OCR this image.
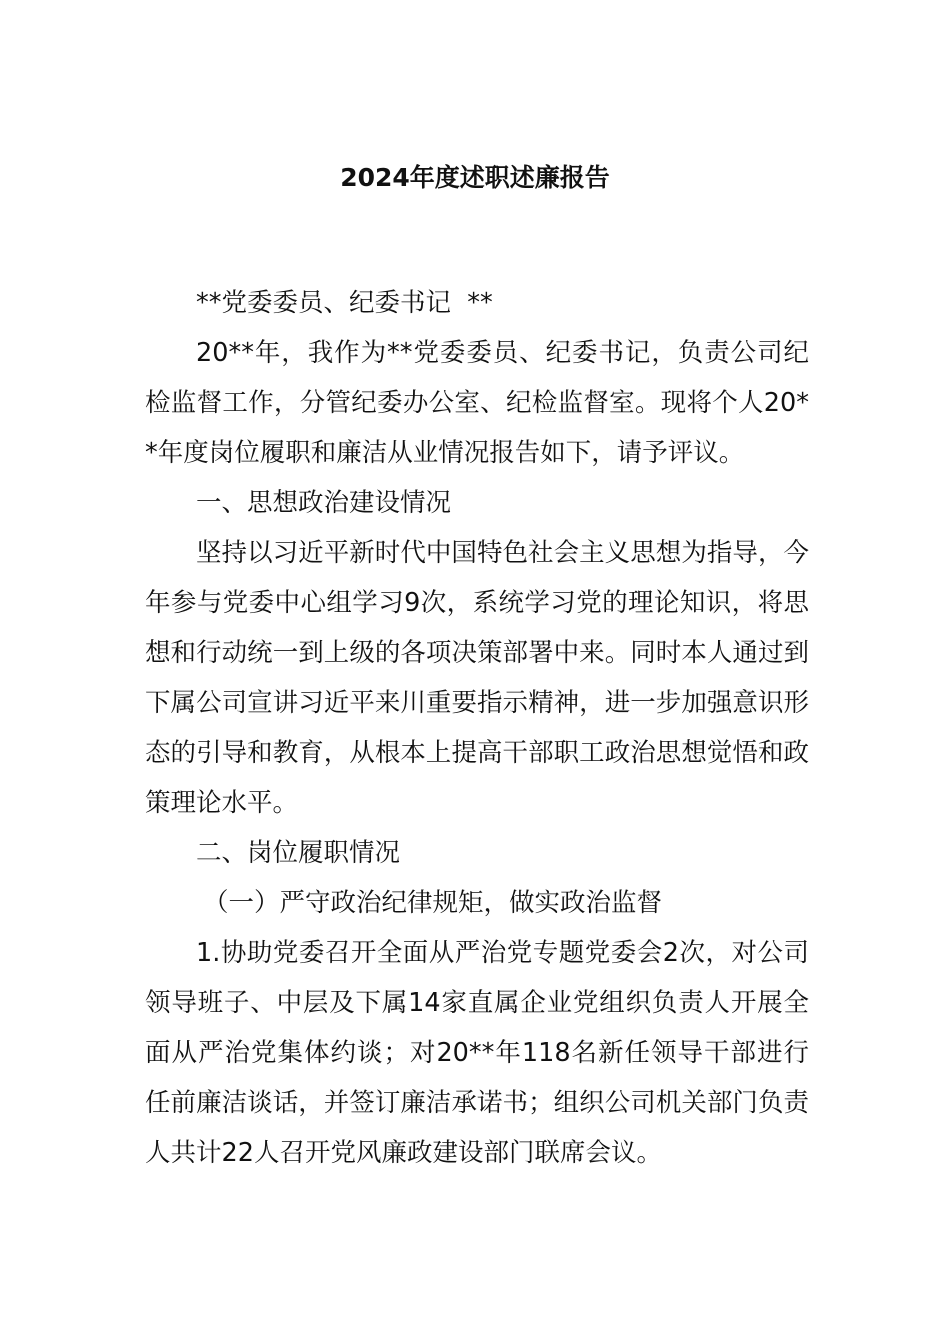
2024年度述职述廉报告

**党委委员、纪委书记  **

20**年，我作为**党委委员、纪委书记，负责公司纪检监督工作，分管纪委办公室、纪检监督室。现将个人20**年度岗位履职和廉洁从业情况报告如下，请予评议。

一、思想政治建设情况

坚持以习近平新时代中国特色社会主义思想为指导，今年参与党委中心组学习9次，系统学习党的理论知识，将思想和行动统一到上级的各项决策部署中来。同时本人通过到下属公司宣讲习近平来川重要指示精神，进一步加强意识形态的引导和教育，从根本上提高干部职工政治思想觉悟和政策理论水平。

二、岗位履职情况

（一）严守政治纪律规矩，做实政治监督

1.协助党委召开全面从严治党专题党委会2次，对公司领导班子、中层及下属14家直属企业党组织负责人开展全面从严治党集体约谈；对20**年118名新任领导干部进行任前廉洁谈话，并签订廉洁承诺书；组织公司机关部门负责人共计22人召开党风廉政建设部门联席会议。
